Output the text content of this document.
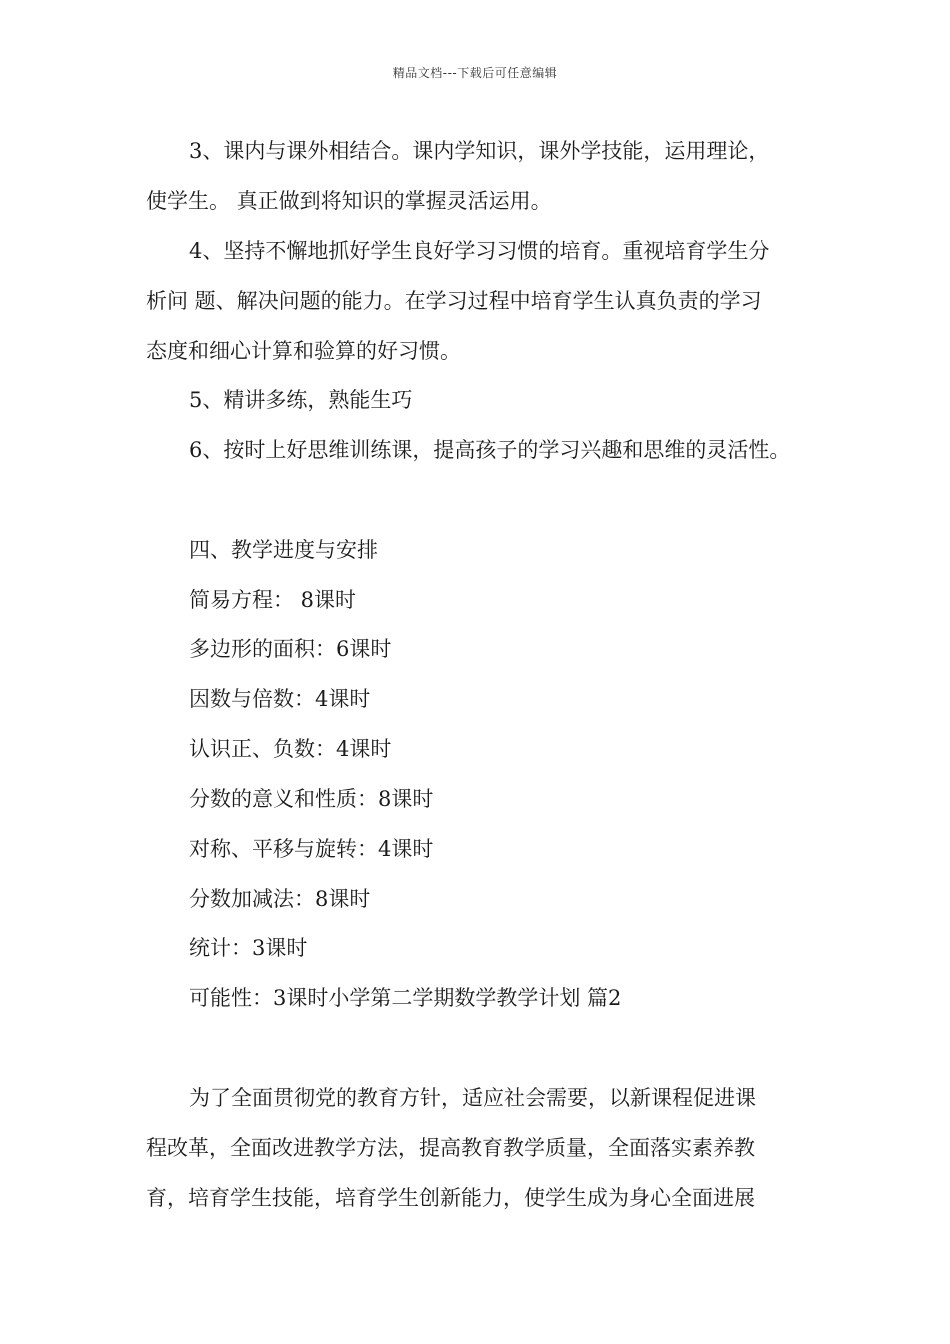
精品文档---下载后可任意编辑
3、课内与课外相结合。课内学知识，课外学技能，运用理论，
使学生。 真正做到将知识的掌握灵活运用。
4、坚持不懈地抓好学生良好学习习惯的培育。重视培育学生分
析问 题、解决问题的能力。在学习过程中培育学生认真负责的学习
态度和细心计算和验算的好习惯。
5、精讲多练，熟能生巧
6、按时上好思维训练课，提高孩子的学习兴趣和思维的灵活性。
四、教学进度与安排
简易方程： 8课时
多边形的面积：6课时
因数与倍数：4课时
认识正、负数：4课时
分数的意义和性质：8课时
对称、平移与旋转：4课时
分数加减法：8课时
统计：3课时
可能性：3课时小学第二学期数学教学计划 篇2
为了全面贯彻党的教育方针，适应社会需要，以新课程促进课
程改革，全面改进教学方法，提高教育教学质量，全面落实素养教
育，培育学生技能，培育学生创新能力，使学生成为身心全面进展
